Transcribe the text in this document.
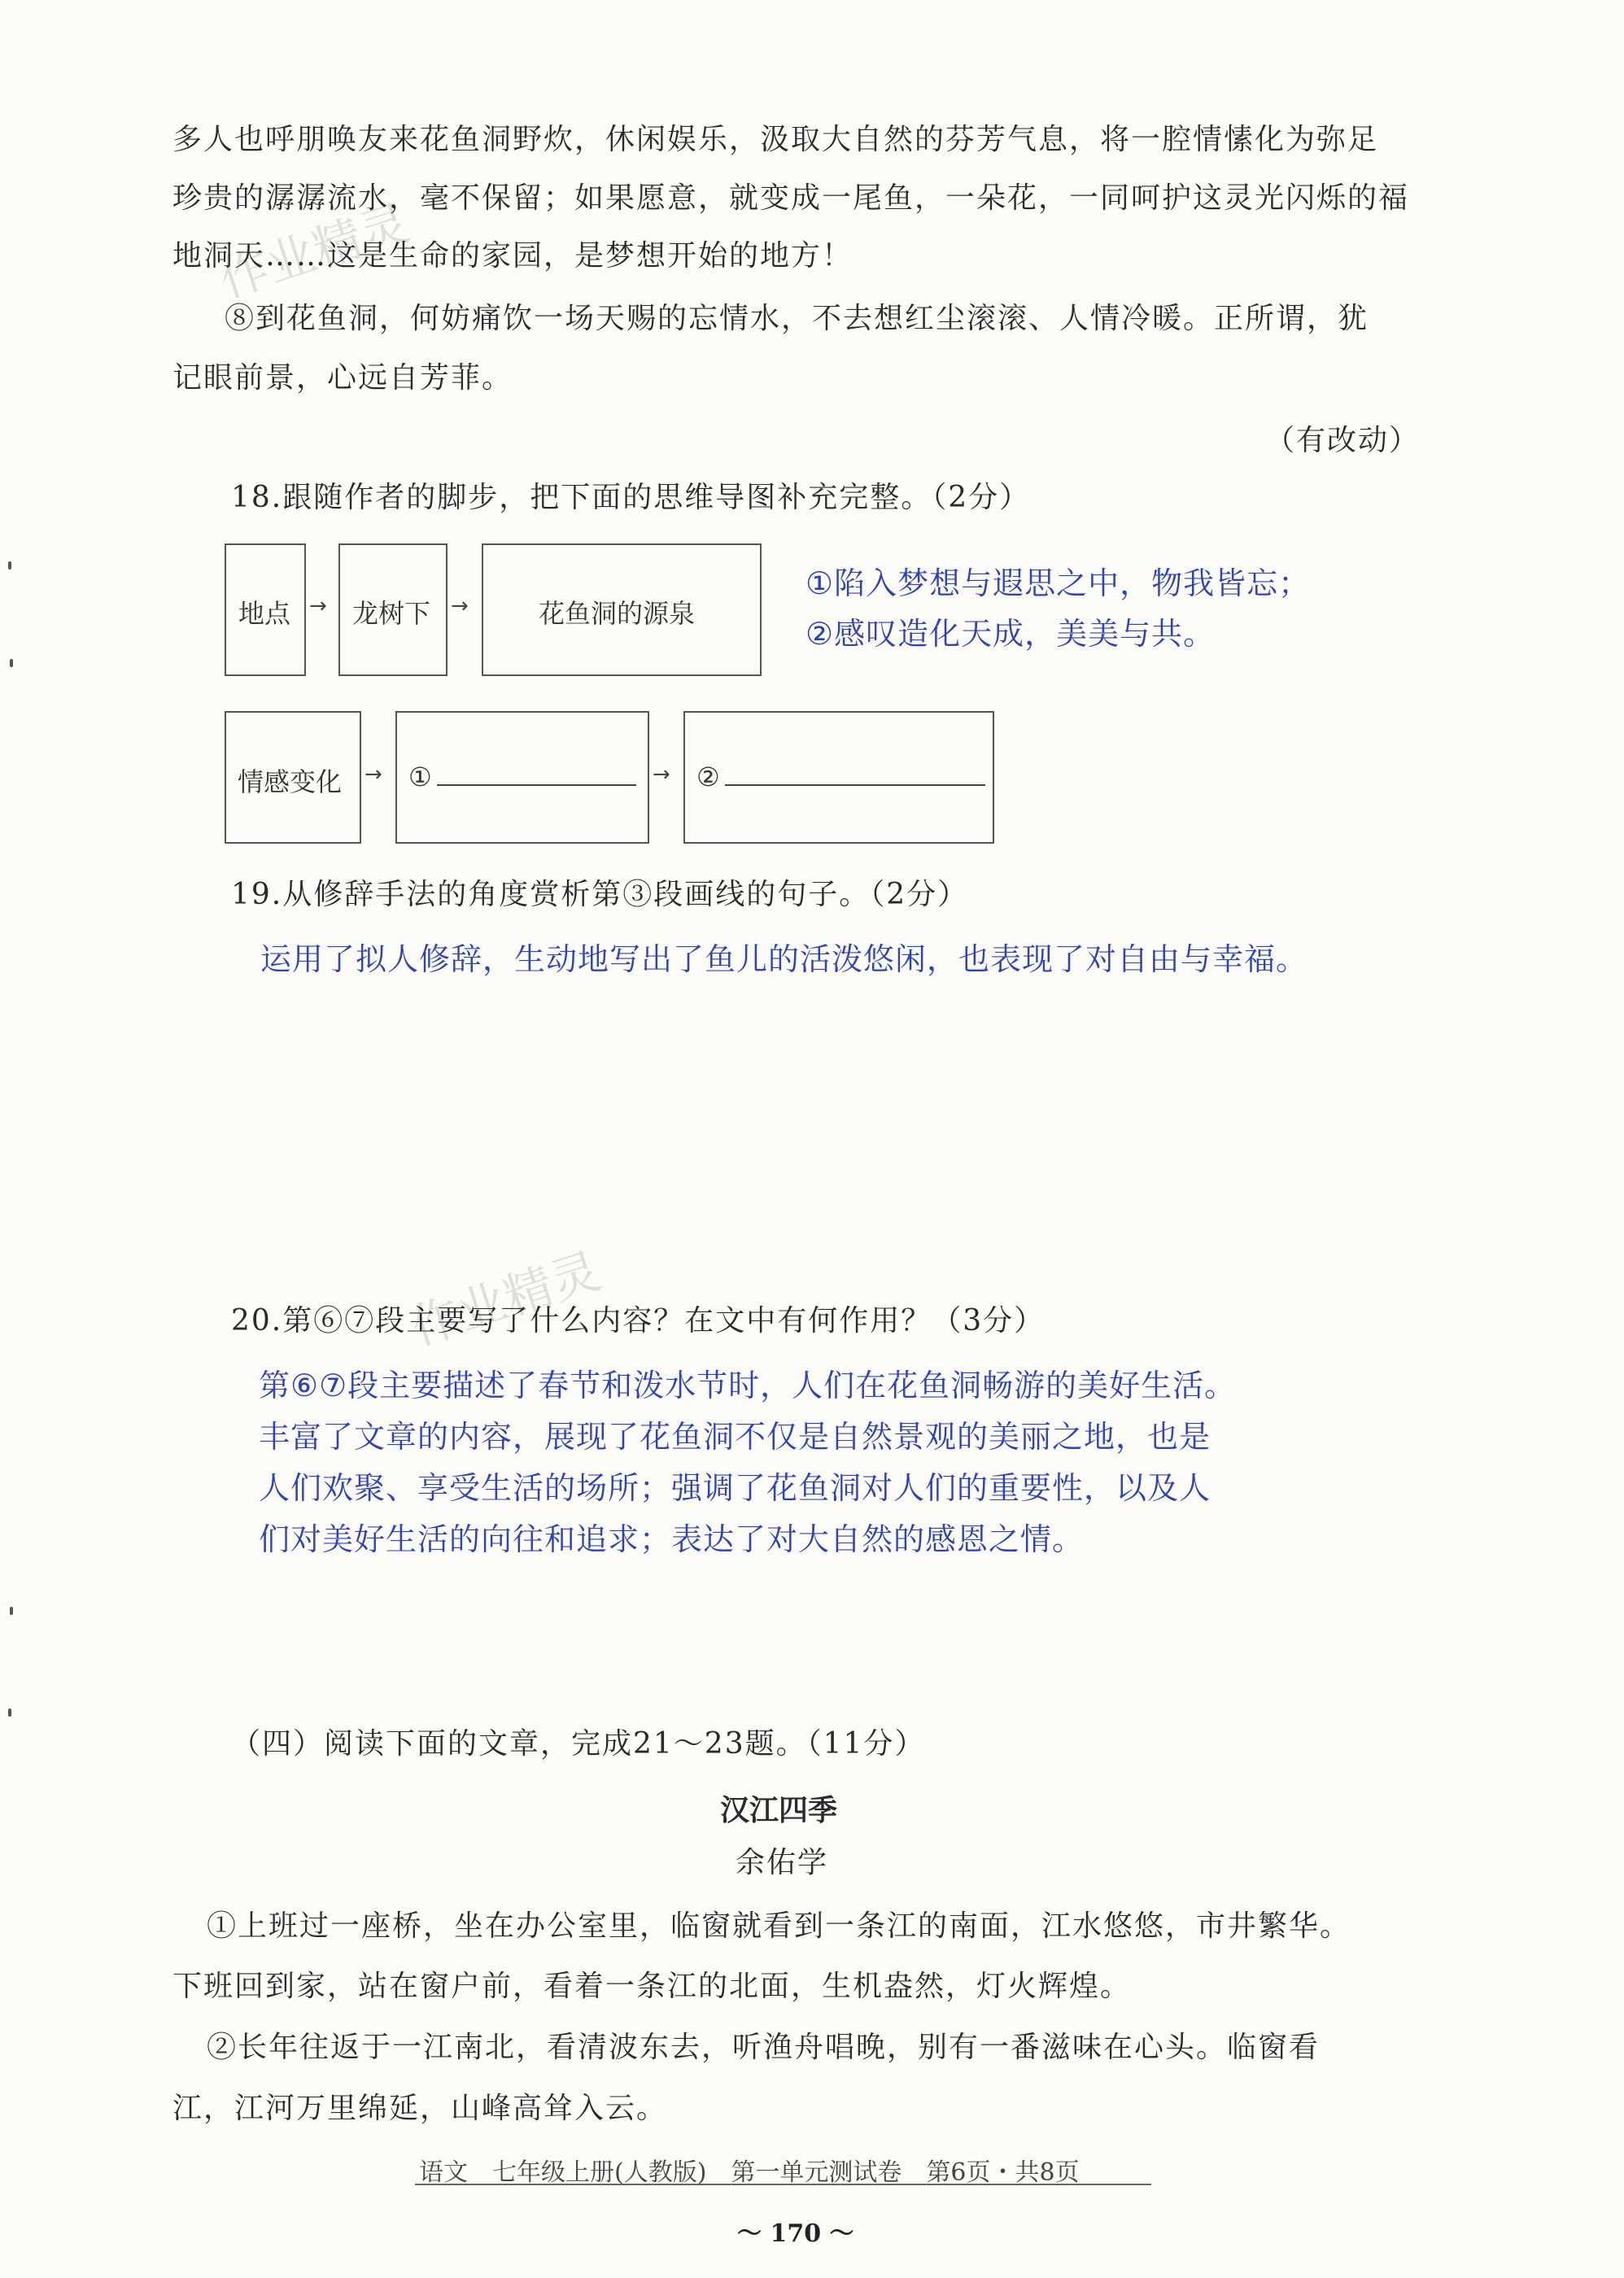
作业精灵
作业精灵
多人也呼朋唤友来花鱼洞野炊，休闲娱乐，汲取大自然的芬芳气息，将一腔情愫化为弥足
珍贵的潺潺流水，毫不保留；如果愿意，就变成一尾鱼，一朵花，一同呵护这灵光闪烁的福
地洞天……这是生命的家园，是梦想开始的地方！
⑧到花鱼洞，何妨痛饮一场天赐的忘情水，不去想红尘滚滚、人情冷暖。正所谓，犹
记眼前景，心远自芳菲。
（有改动）
18.跟随作者的脚步，把下面的思维导图补充完整。（2分）
地点 → 龙树下 →	花鱼洞的源泉
情感变化 → ①	→ ②
①陷入梦想与遐思之中，物我皆忘；
②感叹造化天成，美美与共。
19.从修辞手法的角度赏析第③段画线的句子。（2分）
运用了拟人修辞，生动地写出了鱼儿的活泼悠闲，也表现了对自由与幸福。
20.第⑥⑦段主要写了什么内容？在文中有何作用？（3分）
第⑥⑦段主要描述了春节和泼水节时，人们在花鱼洞畅游的美好生活。
丰富了文章的内容，展现了花鱼洞不仅是自然景观的美丽之地，也是
人们欢聚、享受生活的场所；强调了花鱼洞对人们的重要性，以及人
们对美好生活的向往和追求；表达了对大自然的感恩之情。
（四）阅读下面的文章，完成21～23题。（11分）
汉江四季
余佑学
①上班过一座桥，坐在办公室里，临窗就看到一条江的南面，江水悠悠，市井繁华。
下班回到家，站在窗户前，看着一条江的北面，生机盎然，灯火辉煌。
②长年往返于一江南北，看清波东去，听渔舟唱晚，别有一番滋味在心头。临窗看
江，江河万里绵延，山峰高耸入云。
语文　七年级上册(人教版)　第一单元测试卷　第6页・共8页
～ 170 ～
